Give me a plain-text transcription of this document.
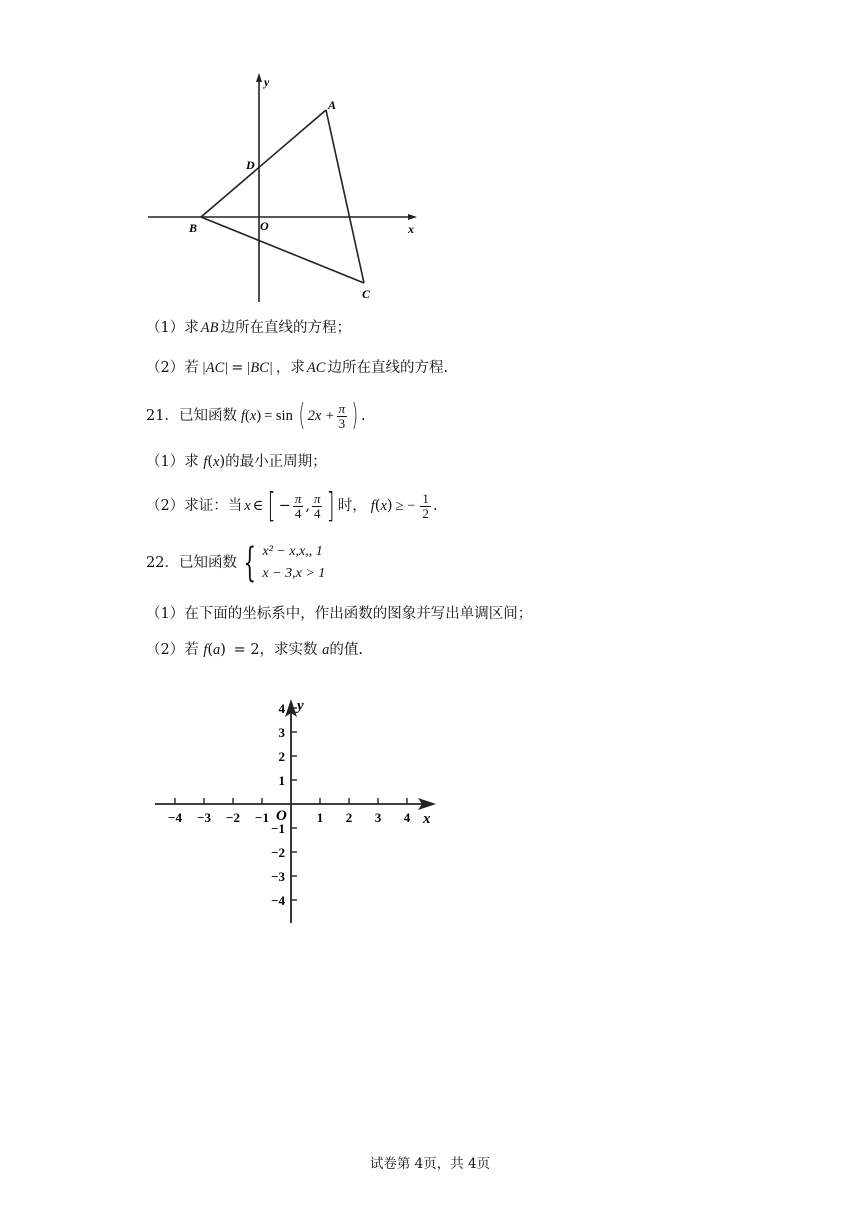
y
x
A
B
C
D
O
（1）求 AB 边所在直线的方程；
（2）若 |AC| = |BC| ，求 AC 边所在直线的方程.
21． 已知函数 f (x) = sin ( $2x + \frac{\pi}{3}$ ) .
（1）求 f(x)的最小正周期；
（2） 求证：当 x ∈ [ − $\frac{\pi}{4}$ , $\frac{\pi}{4}$ ] 时， f (x) ≥ − $\frac{1}{2}$ .
22． 已知函数 { x² − x,x,, 1
x − 3,x > 1
（1）在下面的坐标系中，作出函数的图象并写出单调区间；
（2）若 f(a) = 2，求实数 a的值.
x
y
O
−4 −3 −2 −1	1 2 3 4
4
3
2
1
−1
−2
−3
−4
试卷第 4页，共 4页
